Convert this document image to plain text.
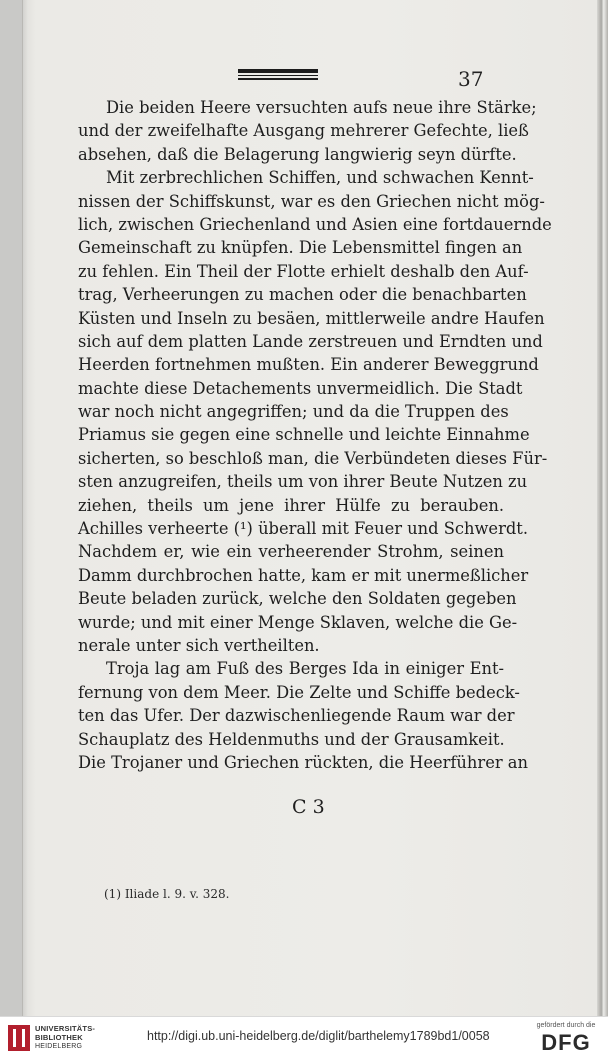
37
Die beiden Heere versuchten aufs neue ihre Stärke;
und der zweifelhafte Ausgang mehrerer Gefechte, ließ
absehen, daß die Belagerung langwierig seyn dürfte.
Mit zerbrechlichen Schiffen, und schwachen Kennt-
nissen der Schiffskunst, war es den Griechen nicht mög-
lich, zwischen Griechenland und Asien eine fortdauernde
Gemeinschaft zu knüpfen. Die Lebensmittel fingen an
zu fehlen. Ein Theil der Flotte erhielt deshalb den Auf-
trag, Verheerungen zu machen oder die benachbarten
Küsten und Inseln zu besäen, mittlerweile andre Haufen
sich auf dem platten Lande zerstreuen und Erndten und
Heerden fortnehmen mußten. Ein anderer Beweggrund
machte diese Detachements unvermeidlich. Die Stadt
war noch nicht angegriffen; und da die Truppen des
Priamus sie gegen eine schnelle und leichte Einnahme
sicherten, so beschloß man, die Verbündeten dieses Für-
sten anzugreifen, theils um von ihrer Beute Nutzen zu
ziehen, theils um jene ihrer Hülfe zu berauben.
Achilles verheerte (¹) überall mit Feuer und Schwerdt.
Nachdem er, wie ein verheerender Strohm, seinen
Damm durchbrochen hatte, kam er mit unermeßlicher
Beute beladen zurück, welche den Soldaten gegeben
wurde; und mit einer Menge Sklaven, welche die Ge-
nerale unter sich vertheilten.
Troja lag am Fuß des Berges Ida in einiger Ent-
fernung von dem Meer. Die Zelte und Schiffe bedeck-
ten das Ufer. Der dazwischenliegende Raum war der
Schauplatz des Heldenmuths und der Grausamkeit.
Die Trojaner und Griechen rückten, die Heerführer an
C 3
(1) Iliade l. 9. v. 328.
UNIVERSITÄTS-
BIBLIOTHEK
HEIDELBERG
http://digi.ub.uni-heidelberg.de/diglit/barthelemy1789bd1/0058
gefördert durch die
DFG
